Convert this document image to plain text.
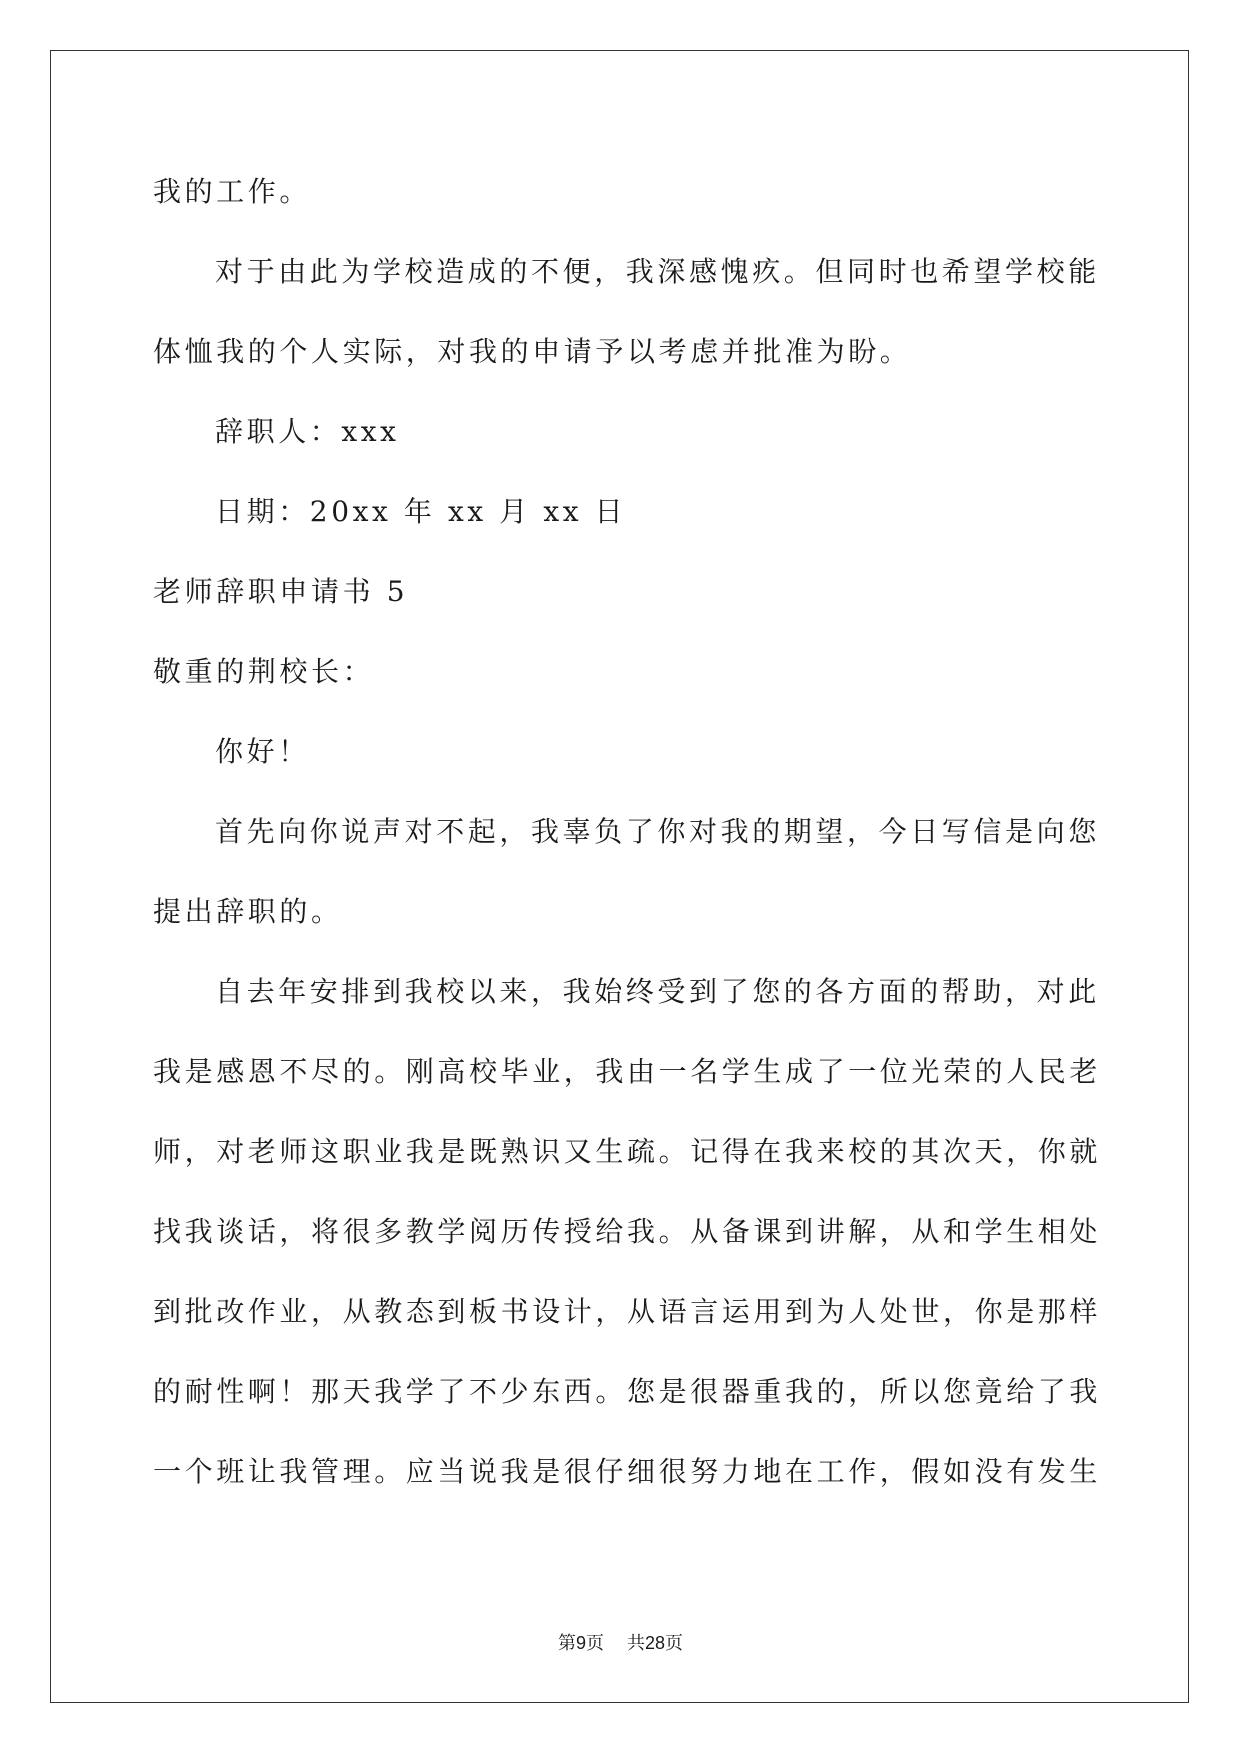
我的工作。
对于由此为学校造成的不便，我深感愧疚。但同时也希望学校能
体恤我的个人实际，对我的申请予以考虑并批准为盼。
辞职人：xxx
日期：20xx 年 xx 月 xx 日
老师辞职申请书 5
敬重的荆校长：
你好！
首先向你说声对不起，我辜负了你对我的期望，今日写信是向您
提出辞职的。
自去年安排到我校以来，我始终受到了您的各方面的帮助，对此
我是感恩不尽的。刚高校毕业，我由一名学生成了一位光荣的人民老
师，对老师这职业我是既熟识又生疏。记得在我来校的其次天，你就
找我谈话，将很多教学阅历传授给我。从备课到讲解，从和学生相处
到批改作业，从教态到板书设计，从语言运用到为人处世，你是那样
的耐性啊！那天我学了不少东西。您是很器重我的，所以您竟给了我
一个班让我管理。应当说我是很仔细很努力地在工作，假如没有发生
第9页 共28页
